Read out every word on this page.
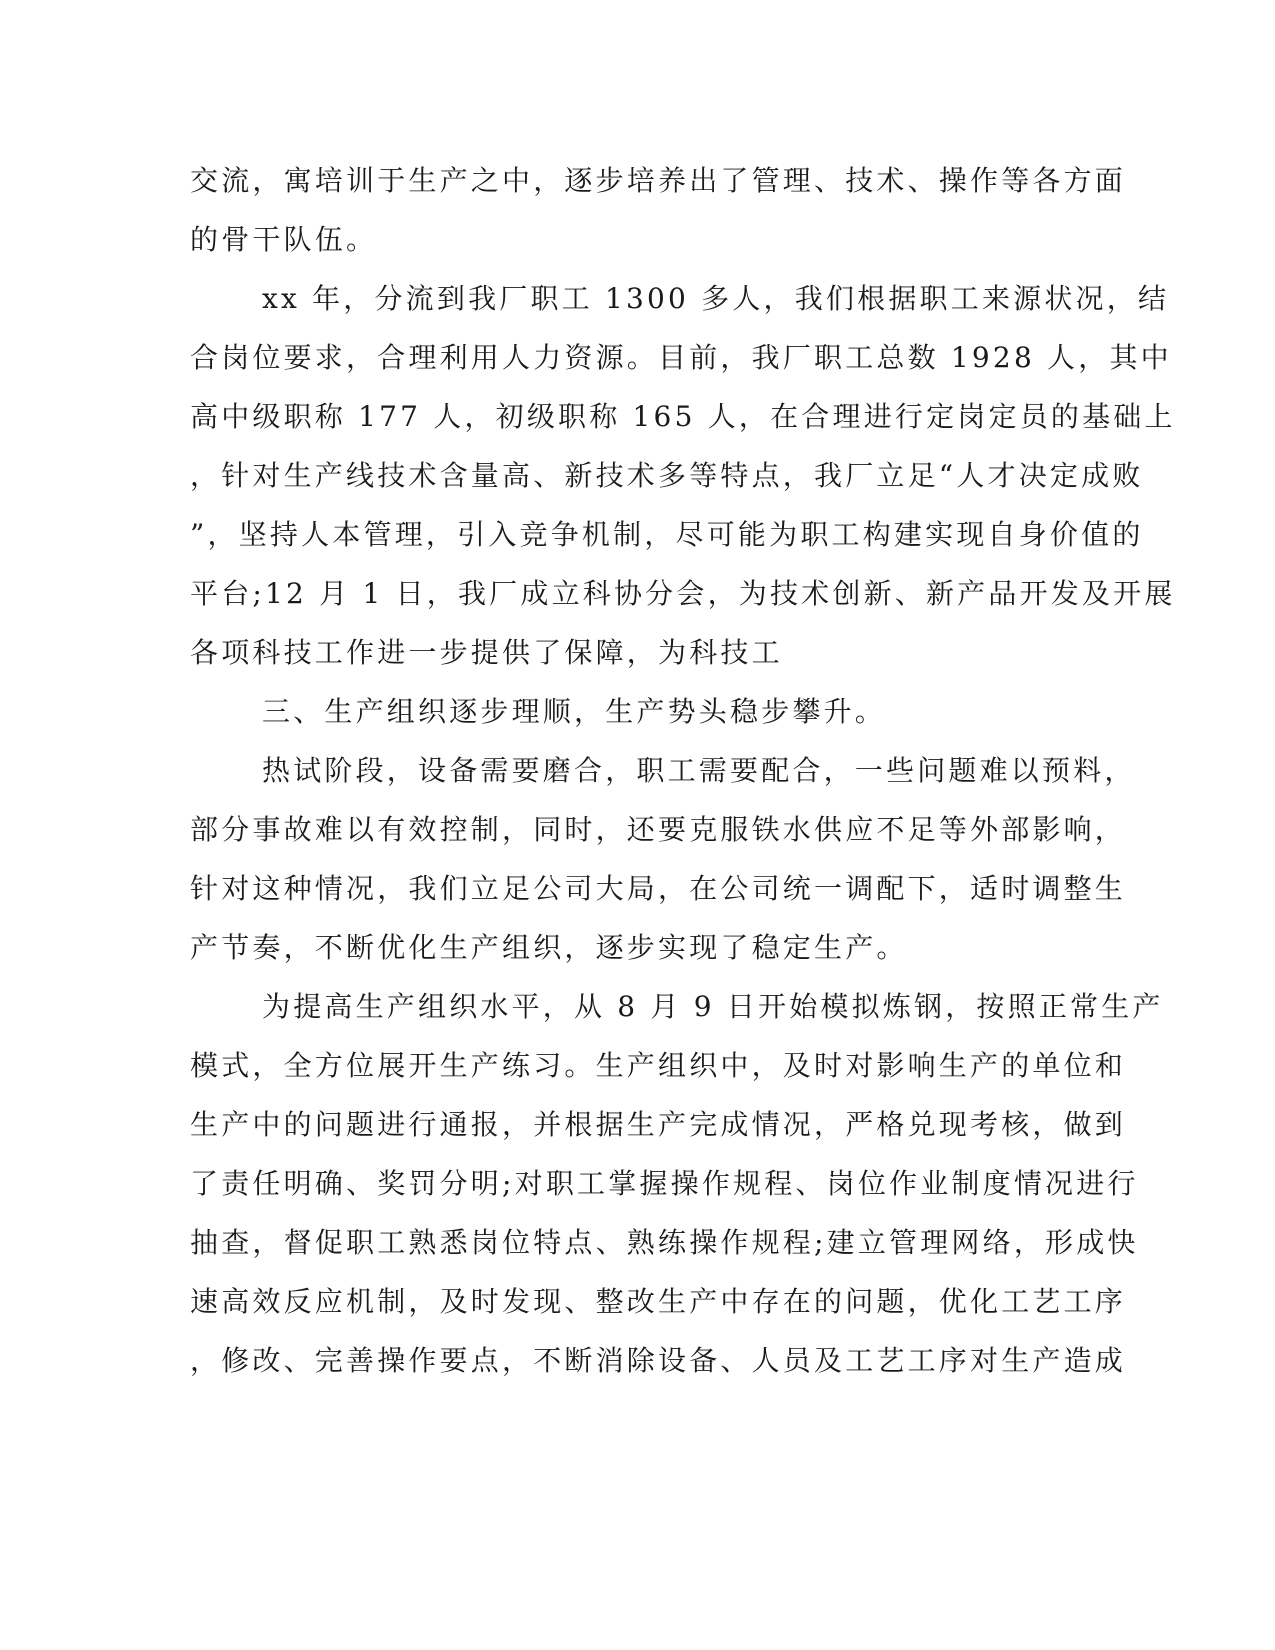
交流，寓培训于生产之中，逐步培养出了管理、技术、操作等各方面
的骨干队伍。
xx 年，分流到我厂职工 1300 多人，我们根据职工来源状况，结
合岗位要求，合理利用人力资源。目前，我厂职工总数 1928 人，其中
高中级职称 177 人，初级职称 165 人，在合理进行定岗定员的基础上
，针对生产线技术含量高、新技术多等特点，我厂立足“人才决定成败
”，坚持人本管理，引入竞争机制，尽可能为职工构建实现自身价值的
平台;12 月 1 日，我厂成立科协分会，为技术创新、新产品开发及开展
各项科技工作进一步提供了保障，为科技工
三、生产组织逐步理顺，生产势头稳步攀升。
热试阶段，设备需要磨合，职工需要配合，一些问题难以预料，
部分事故难以有效控制，同时，还要克服铁水供应不足等外部影响，
针对这种情况，我们立足公司大局，在公司统一调配下，适时调整生
产节奏，不断优化生产组织，逐步实现了稳定生产。
为提高生产组织水平，从 8 月 9 日开始模拟炼钢，按照正常生产
模式，全方位展开生产练习。生产组织中，及时对影响生产的单位和
生产中的问题进行通报，并根据生产完成情况，严格兑现考核，做到
了责任明确、奖罚分明;对职工掌握操作规程、岗位作业制度情况进行
抽查，督促职工熟悉岗位特点、熟练操作规程;建立管理网络，形成快
速高效反应机制，及时发现、整改生产中存在的问题，优化工艺工序
，修改、完善操作要点，不断消除设备、人员及工艺工序对生产造成
